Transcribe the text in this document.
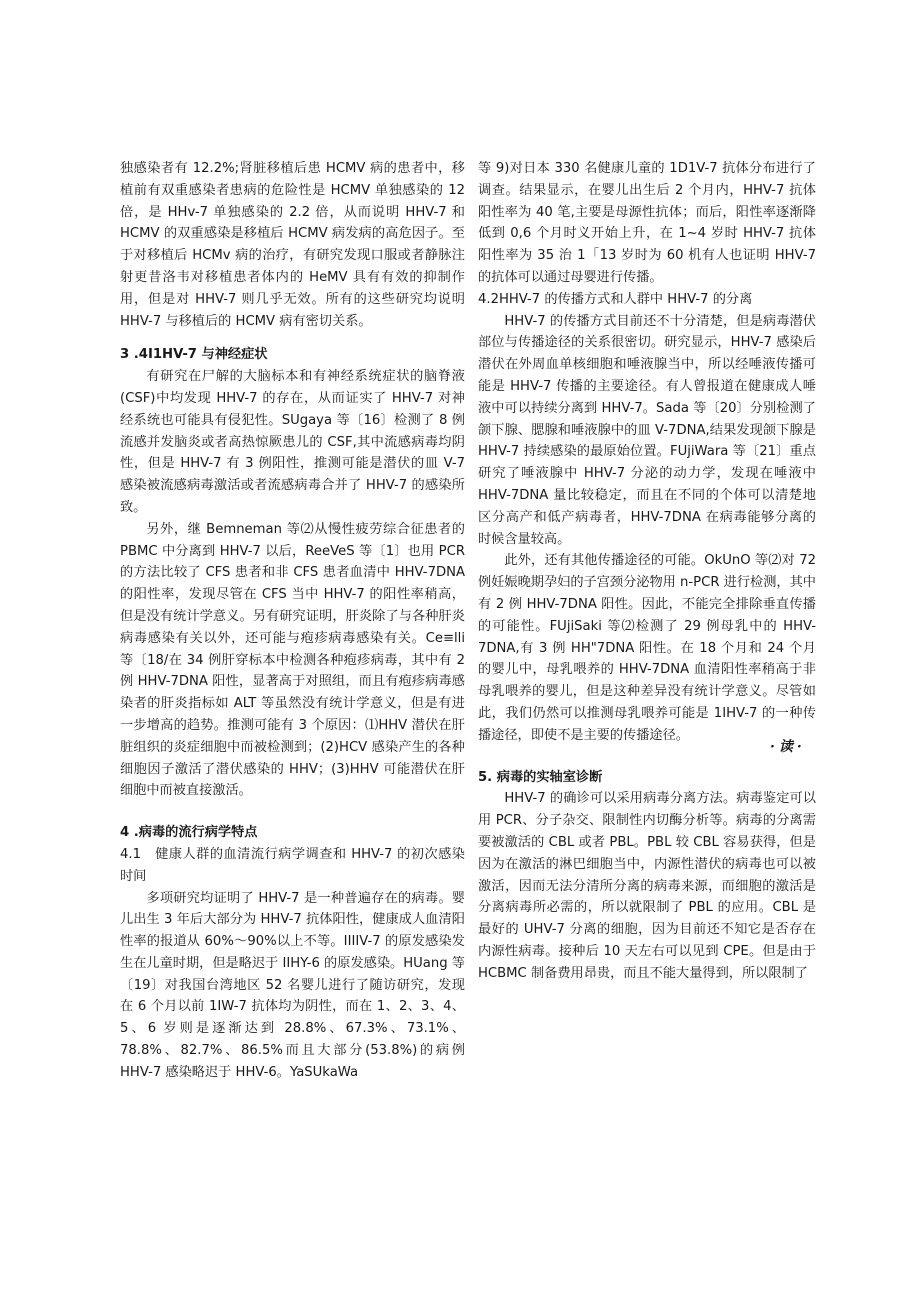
独感染者有 12.2%;肾脏移植后患 HCMV 病的患者中，移植前有双重感染者患病的危险性是 HCMV 单独感染的 12 倍，是 HHv-7 单独感染的 2.2 倍，从而说明 HHV-7 和 HCMV 的双重感染是移植后 HCMV 病发病的高危因子。至于对移植后 HCMv 病的治疗，有研究发现口服或者静脉注射更昔洛韦对移植患者体内的 HeMV 具有有效的抑制作用，但是对 HHV-7 则几乎无效。所有的这些研究均说明 HHV-7 与移植后的 HCMV 病有密切关系。

3 .4I1HV-7 与神经症状

有研究在尸解的大脑标本和有神经系统症状的脑脊液(CSF)中均发现 HHV-7 的存在，从而证实了 HHV-7 对神经系统也可能具有侵犯性。SUgaya 等〔16〕检测了 8 例流感并发脑炎或者高热惊厥患儿的 CSF,其中流感病毒均阴性，但是 HHV-7 有 3 例阳性，推测可能是潜伏的皿 V-7 感染被流感病毒激活或者流感病毒合并了 HHV-7 的感染所致。

另外，继 Bemneman 等⑵从慢性疲劳综合征患者的 PBMC 中分离到 HHV-7 以后，ReeVeS 等〔1〕也用 PCR 的方法比较了 CFS 患者和非 CFS 患者血清中 HHV-7DNA 的阳性率，发现尽管在 CFS 当中 HHV-7 的阳性率稍高，但是没有统计学意义。另有研究证明，肝炎除了与各种肝炎病毒感染有关以外，还可能与疱疹病毒感染有关。Ce≡lli 等〔18/在 34 例肝穿标本中检测各种疱疹病毒，其中有 2 例 HHV-7DNA 阳性，显著高于对照组，而且有疱疹病毒感染者的肝炎指标如 ALT 等虽然没有统计学意义，但是有进一步增高的趋势。推测可能有 3 个原因：⑴HHV 潜伏在肝脏组织的炎症细胞中而被检测到；(2)HCV 感染产生的各种细胞因子激活了潜伏感染的 HHV；(3)HHV 可能潜伏在肝细胞中而被直接激活。

4 .病毒的流行病学特点

4.1　健康人群的血清流行病学调查和 HHV-7 的初次感染时间

多项研究均证明了 HHV-7 是一种普遍存在的病毒。婴儿出生 3 年后大部分为 HHV-7 抗体阳性，健康成人血清阳性率的报道从 60%～90%以上不等。IIIIV-7 的原发感染发生在儿童时期，但是略迟于 IIHY-6 的原发感染。HUang 等〔19〕对我国台湾地区 52 名婴儿进行了随访研究，发现在 6 个月以前 1IW-7 抗体均为阴性，而在 1、2、3、4、5、6 岁则是逐渐达到 28.8%、67.3%、73.1%、78.8%、82.7%、86.5%而且大部分(53.8%)的病例 HHV-7 感染略迟于 HHV-6。YaSUkaWa

等 9)对日本 330 名健康儿童的 1D1V-7 抗体分布进行了调查。结果显示，在婴儿出生后 2 个月内，HHV-7 抗体阳性率为 40 笔,主要是母源性抗体；而后，阳性率逐渐降低到 0,6 个月时义开始上升，在 1~4 岁时 HHV-7 抗体阳性率为 35 治 1「13 岁时为 60 机有人也证明 HHV-7 的抗体可以通过母婴进行传播。

4.2HHV-7 的传播方式和人群中 HHV-7 的分离

HHV-7 的传播方式目前还不十分清楚，但是病毒潜伏部位与传播途径的关系很密切。研究显示，HHV-7 感染后潜伏在外周血单核细胞和唾液腺当中，所以经唾液传播可能是 HHV-7 传播的主要途径。有人曾报道在健康成人唾液中可以持续分离到 HHV-7。Sada 等〔20〕分别检测了颌下腺、腮腺和唾液腺中的皿 V-7DNA,结果发现颌下腺是 HHV-7 持续感染的最原始位置。FUjiWara 等〔21〕重点研究了唾液腺中 HHV-7 分泌的动力学，发现在唾液中 HHV-7DNA 量比较稳定，而且在不同的个体可以清楚地区分高产和低产病毒者，HHV-7DNA 在病毒能够分离的时候含量较高。

此外，还有其他传播途径的可能。OkUnO 等⑵对 72 例妊娠晚期孕妇的子宫颈分泌物用 n-PCR 进行检测，其中有 2 例 HHV-7DNA 阳性。因此，不能完全排除垂直传播的可能性。FUjiSaki 等⑵检测了 29 例母乳中的 HHV-7DNA,有 3 例 HH"7DNA 阳性。在 18 个月和 24 个月的婴儿中，母乳喂养的 HHV-7DNA 血清阳性率稍高于非母乳喂养的婴儿，但是这种差异没有统计学意义。尽管如此，我们仍然可以推测母乳喂养可能是 1IHV-7 的一种传播途径，即使不是主要的传播途径。

5. 病毒的实轴室诊断

HHV-7 的确诊可以采用病毒分离方法。病毒鉴定可以用 PCR、分子杂交、限制性内切酶分析等。病毒的分离需要被激活的 CBL 或者 PBL。PBL 较 CBL 容易获得，但是因为在激活的淋巴细胞当中，内源性潜伏的病毒也可以被激活，因而无法分清所分离的病毒来源，而细胞的激活是分离病毒所必需的，所以就限制了 PBL 的应用。CBL 是最好的 UHV-7 分离的细胞，因为目前还不知它是否存在内源性病毒。接种后 10 天左右可以见到 CPE。但是由于 HCBMC 制备费用昂贵，而且不能大量得到，所以限制了

·读·
